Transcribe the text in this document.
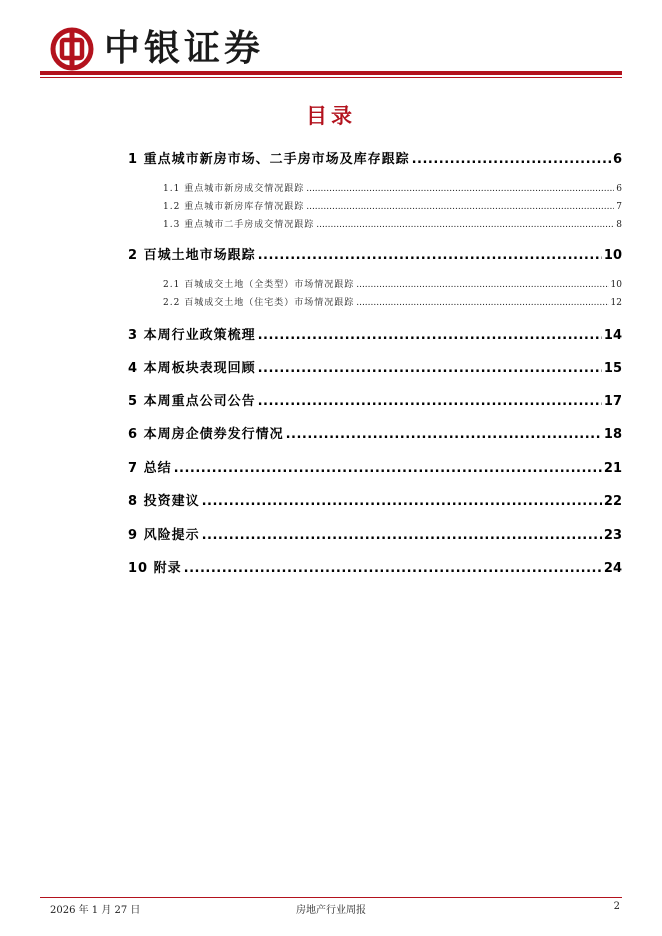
中银证券
目录
1
重点城市新房市场、二手房市场及库存跟踪 .....	6
1.1
重点城市新房成交情况跟踪 .....	6
1.2
重点城市新房库存情况跟踪 .....	7
1.3
重点城市二手房成交情况跟踪 .....	8
2
百城土地市场跟踪 .....	10
2.1
百城成交土地（全类型）市场情况跟踪 .....	10
2.2
百城成交土地（住宅类）市场情况跟踪 .....	12
3
本周行业政策梳理 .....	14
4
本周板块表现回顾 .....	15
5
本周重点公司公告 .....	17
6
本周房企债券发行情况 .....	18
7
总结 .....	21
8
投资建议 .....	22
9
风险提示 .....	23
10
附录 .....	24
2026 年 1 月 27 日	房地产行业周报	2
